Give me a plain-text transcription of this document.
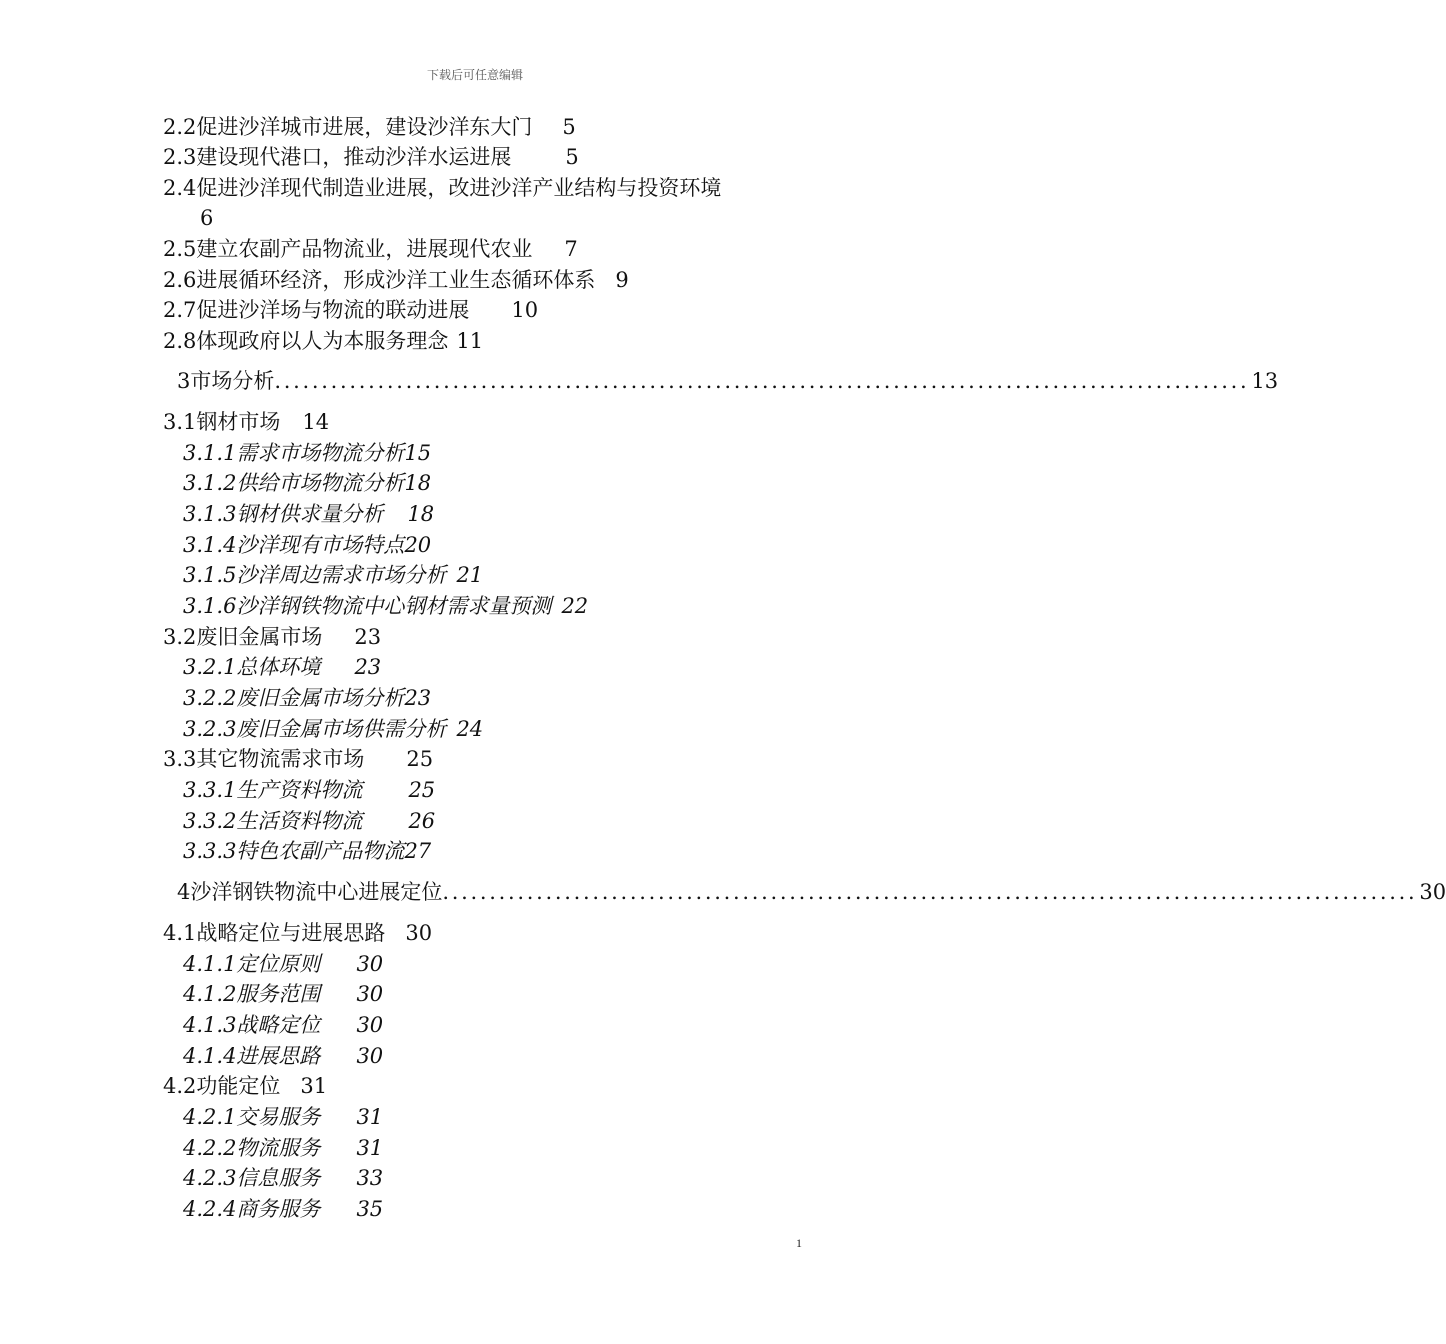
下载后可任意编辑
2.2促进沙洋城市进展，建设沙洋东大门 5
2.3建设现代港口，推动沙洋水运进展	5
2.4促进沙洋现代制造业进展，改进沙洋产业结构与投资环境
6
2.5建立农副产品物流业，进展现代农业 7
2.6进展循环经济，形成沙洋工业生态循环体系 9
2.7促进沙洋场与物流的联动进展 10
2.8体现政府以人为本服务理念 11
3市场分析 ........................................................................................................ 13
3.1钢材市场 14
3.1.1需求市场物流分析15
3.1.2供给市场物流分析18
3.1.3钢材供求量分析 18
3.1.4沙洋现有市场特点20
3.1.5沙洋周边需求市场分析 21
3.1.6沙洋钢铁物流中心钢材需求量预测 22
3.2废旧金属市场 23
3.2.1总体环境 23
3.2.2废旧金属市场分析23
3.2.3废旧金属市场供需分析 24
3.3其它物流需求市场 25
3.3.1生产资料物流 25
3.3.2生活资料物流 26
3.3.3特色农副产品物流27
4沙洋钢铁物流中心进展定位 ........................................................................................................ 30
4.1战略定位与进展思路 30
4.1.1定位原则 30
4.1.2服务范围 30
4.1.3战略定位 30
4.1.4进展思路 30
4.2功能定位 31
4.2.1交易服务 31
4.2.2物流服务 31
4.2.3信息服务 33
4.2.4商务服务 35
1
